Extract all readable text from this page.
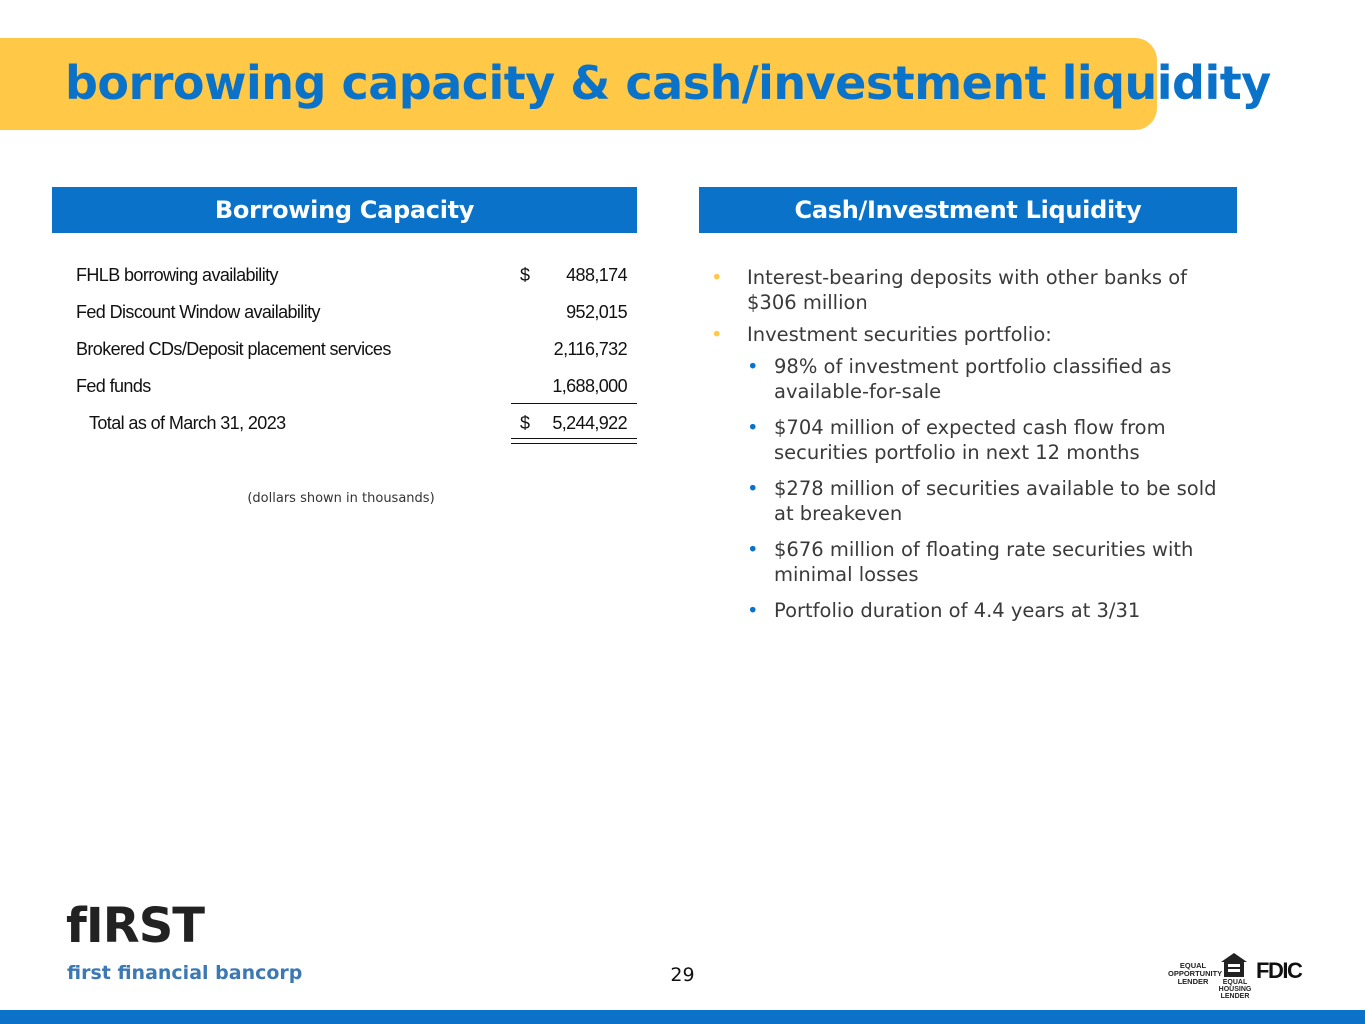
borrowing capacity & cash/investment liquidity
Borrowing Capacity	Cash/Investment Liquidity
FHLB borrowing availability	$ 488,174
Fed Discount Window availability	952,015
Brokered CDs/Deposit placement services	2,116,732
Fed funds	1,688,000
Total as of March 31, 2023	$ 5,244,922
(dollars shown in thousands)
• Interest-bearing deposits with other banks of $306 million
• Investment securities portfolio:
• 98% of investment portfolio classified as available-for-sale
• $704 million of expected cash flow from securities portfolio in next 12 months
• $278 million of securities available to be sold at breakeven
• $676 million of floating rate securities with minimal losses
• Portfolio duration of 4.4 years at 3/31
fIRST
first financial bancorp	29	EQUAL OPPORTUNITY LENDER	EQUAL HOUSING LENDER
FDIC
